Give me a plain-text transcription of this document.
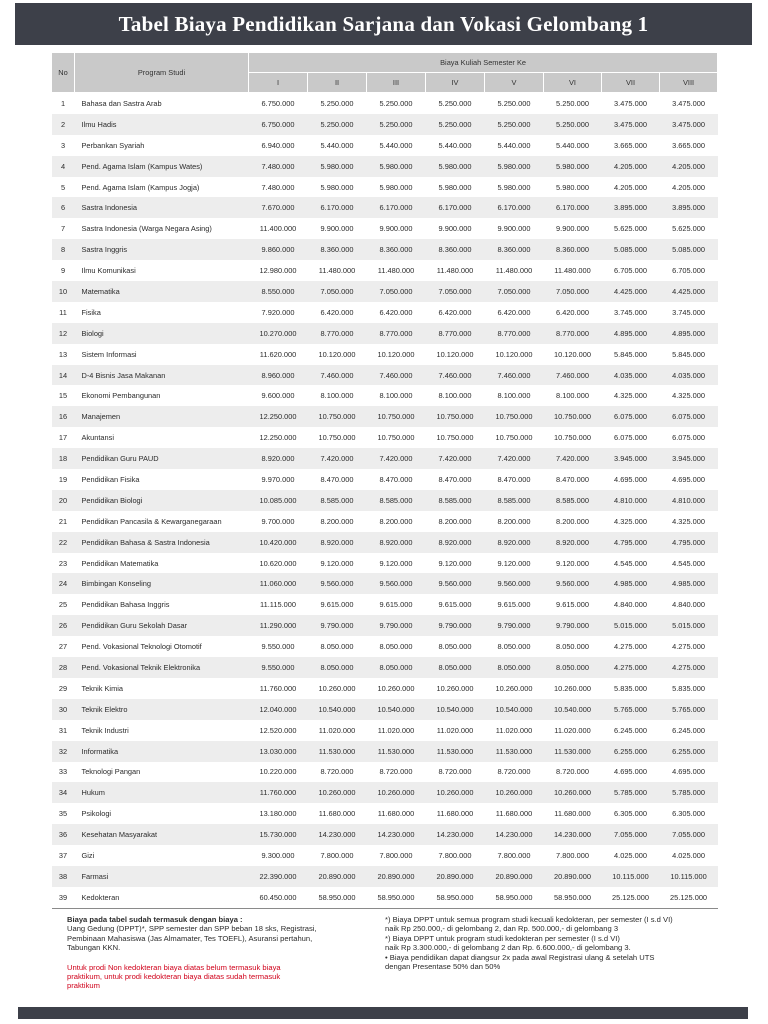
Tabel Biaya Pendidikan Sarjana dan Vokasi Gelombang 1
No	Program Studi	Biaya Kuliah Semester Ke							
		I	II	III	IV	V	VI	VII	VIII
1	Bahasa dan Sastra Arab	6.750.000	5.250.000	5.250.000	5.250.000	5.250.000	5.250.000	3.475.000	3.475.000
2	Ilmu Hadis	6.750.000	5.250.000	5.250.000	5.250.000	5.250.000	5.250.000	3.475.000	3.475.000
3	Perbankan Syariah	6.940.000	5.440.000	5.440.000	5.440.000	5.440.000	5.440.000	3.665.000	3.665.000
4	Pend. Agama Islam (Kampus Wates)	7.480.000	5.980.000	5.980.000	5.980.000	5.980.000	5.980.000	4.205.000	4.205.000
5	Pend. Agama Islam (Kampus Jogja)	7.480.000	5.980.000	5.980.000	5.980.000	5.980.000	5.980.000	4.205.000	4.205.000
6	Sastra Indonesia	7.670.000	6.170.000	6.170.000	6.170.000	6.170.000	6.170.000	3.895.000	3.895.000
7	Sastra Indonesia (Warga Negara Asing)	11.400.000	9.900.000	9.900.000	9.900.000	9.900.000	9.900.000	5.625.000	5.625.000
8	Sastra Inggris	9.860.000	8.360.000	8.360.000	8.360.000	8.360.000	8.360.000	5.085.000	5.085.000
9	Ilmu Komunikasi	12.980.000	11.480.000	11.480.000	11.480.000	11.480.000	11.480.000	6.705.000	6.705.000
10	Matematika	8.550.000	7.050.000	7.050.000	7.050.000	7.050.000	7.050.000	4.425.000	4.425.000
11	Fisika	7.920.000	6.420.000	6.420.000	6.420.000	6.420.000	6.420.000	3.745.000	3.745.000
12	Biologi	10.270.000	8.770.000	8.770.000	8.770.000	8.770.000	8.770.000	4.895.000	4.895.000
13	Sistem Informasi	11.620.000	10.120.000	10.120.000	10.120.000	10.120.000	10.120.000	5.845.000	5.845.000
14	D-4 Bisnis Jasa Makanan	8.960.000	7.460.000	7.460.000	7.460.000	7.460.000	7.460.000	4.035.000	4.035.000
15	Ekonomi Pembangunan	9.600.000	8.100.000	8.100.000	8.100.000	8.100.000	8.100.000	4.325.000	4.325.000
16	Manajemen	12.250.000	10.750.000	10.750.000	10.750.000	10.750.000	10.750.000	6.075.000	6.075.000
17	Akuntansi	12.250.000	10.750.000	10.750.000	10.750.000	10.750.000	10.750.000	6.075.000	6.075.000
18	Pendidikan Guru PAUD	8.920.000	7.420.000	7.420.000	7.420.000	7.420.000	7.420.000	3.945.000	3.945.000
19	Pendidikan Fisika	9.970.000	8.470.000	8.470.000	8.470.000	8.470.000	8.470.000	4.695.000	4.695.000
20	Pendidikan Biologi	10.085.000	8.585.000	8.585.000	8.585.000	8.585.000	8.585.000	4.810.000	4.810.000
21	Pendidikan Pancasila & Kewarganegaraan	9.700.000	8.200.000	8.200.000	8.200.000	8.200.000	8.200.000	4.325.000	4.325.000
22	Pendidikan Bahasa & Sastra Indonesia	10.420.000	8.920.000	8.920.000	8.920.000	8.920.000	8.920.000	4.795.000	4.795.000
23	Pendidikan Matematika	10.620.000	9.120.000	9.120.000	9.120.000	9.120.000	9.120.000	4.545.000	4.545.000
24	Bimbingan Konseling	11.060.000	9.560.000	9.560.000	9.560.000	9.560.000	9.560.000	4.985.000	4.985.000
25	Pendidikan Bahasa Inggris	11.115.000	9.615.000	9.615.000	9.615.000	9.615.000	9.615.000	4.840.000	4.840.000
26	Pendidikan Guru Sekolah Dasar	11.290.000	9.790.000	9.790.000	9.790.000	9.790.000	9.790.000	5.015.000	5.015.000
27	Pend. Vokasional Teknologi Otomotif	9.550.000	8.050.000	8.050.000	8.050.000	8.050.000	8.050.000	4.275.000	4.275.000
28	Pend. Vokasional Teknik Elektronika	9.550.000	8.050.000	8.050.000	8.050.000	8.050.000	8.050.000	4.275.000	4.275.000
29	Teknik Kimia	11.760.000	10.260.000	10.260.000	10.260.000	10.260.000	10.260.000	5.835.000	5.835.000
30	Teknik Elektro	12.040.000	10.540.000	10.540.000	10.540.000	10.540.000	10.540.000	5.765.000	5.765.000
31	Teknik Industri	12.520.000	11.020.000	11.020.000	11.020.000	11.020.000	11.020.000	6.245.000	6.245.000
32	Informatika	13.030.000	11.530.000	11.530.000	11.530.000	11.530.000	11.530.000	6.255.000	6.255.000
33	Teknologi Pangan	10.220.000	8.720.000	8.720.000	8.720.000	8.720.000	8.720.000	4.695.000	4.695.000
34	Hukum	11.760.000	10.260.000	10.260.000	10.260.000	10.260.000	10.260.000	5.785.000	5.785.000
35	Psikologi	13.180.000	11.680.000	11.680.000	11.680.000	11.680.000	11.680.000	6.305.000	6.305.000
36	Kesehatan Masyarakat	15.730.000	14.230.000	14.230.000	14.230.000	14.230.000	14.230.000	7.055.000	7.055.000
37	Gizi	9.300.000	7.800.000	7.800.000	7.800.000	7.800.000	7.800.000	4.025.000	4.025.000
38	Farmasi	22.390.000	20.890.000	20.890.000	20.890.000	20.890.000	20.890.000	10.115.000	10.115.000
39	Kedokteran	60.450.000	58.950.000	58.950.000	58.950.000	58.950.000	58.950.000	25.125.000	25.125.000

Biaya pada tabel sudah termasuk dengan biaya :

Uang Gedung (DPPT)*, SPP semester dan SPP beban 18 sks, Registrasi,

Pembinaan Mahasiswa (Jas Almamater, Tes TOEFL), Asuransi pertahun,

Tabungan KKN.

Untuk prodi Non kedokteran biaya diatas belum termasuk biaya

praktikum, untuk prodi kedokteran biaya diatas sudah termasuk

praktikum

*) Biaya DPPT untuk semua program studi kecuali kedokteran, per semester (I s.d VI)

naik Rp 250.000,- di gelombang 2, dan Rp. 500.000,- di gelombang 3

*) Biaya DPPT untuk program studi kedokteran per semester (I s.d VI)

naik Rp 3.300.000,- di gelombang 2 dan Rp. 6.600.000,- di gelombang 3.

• Biaya pendidikan dapat diangsur 2x pada awal Registrasi ulang & setelah UTS

dengan Presentase 50% dan 50%
